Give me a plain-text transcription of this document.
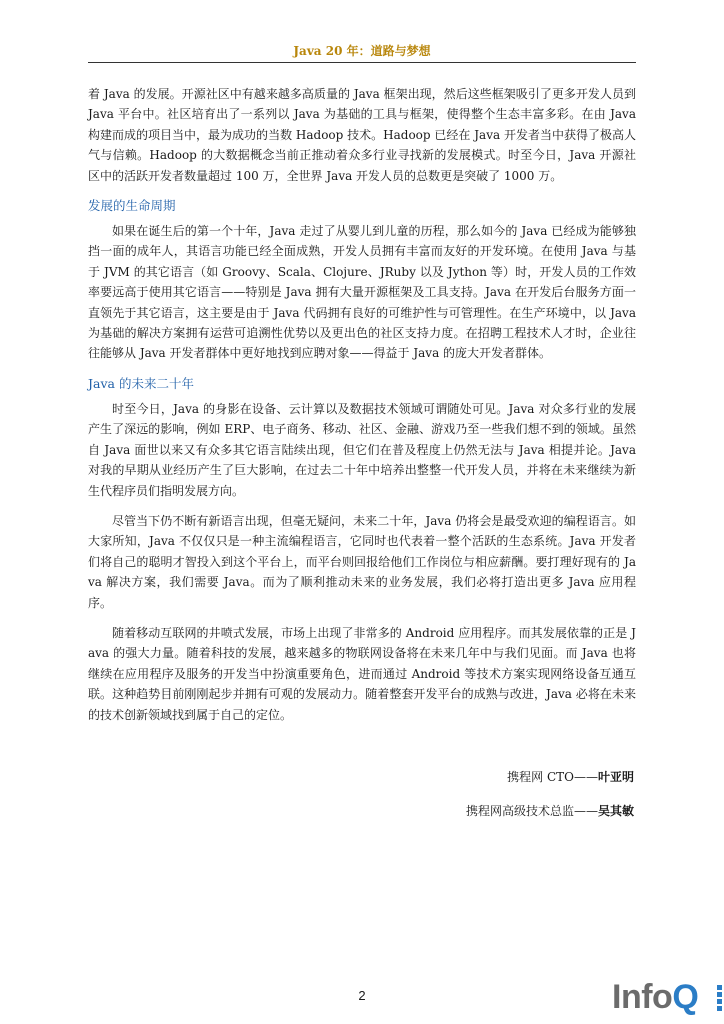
Java 20 年：道路与梦想

着 Java 的发展。开源社区中有越来越多高质量的 Java 框架出现，然后这些框架吸引了更多开发人员到 Java 平台中。社区培育出了一系列以 Java 为基础的工具与框架，使得整个生态丰富多彩。在由 Java 构建而成的项目当中，最为成功的当数 Hadoop 技术。Hadoop 已经在 Java 开发者当中获得了极高人气与信赖。Hadoop 的大数据概念当前正推动着众多行业寻找新的发展模式。时至今日，Java 开源社区中的活跃开发者数量超过 100 万，全世界 Java 开发人员的总数更是突破了 1000 万。

发展的生命周期

如果在诞生后的第一个十年，Java 走过了从婴儿到儿童的历程，那么如今的 Java 已经成为能够独挡一面的成年人，其语言功能已经全面成熟，开发人员拥有丰富而友好的开发环境。在使用 Java 与基于 JVM 的其它语言（如 Groovy、Scala、Clojure、JRuby 以及 Jython 等）时，开发人员的工作效率要远高于使用其它语言——特别是 Java 拥有大量开源框架及工具支持。Java 在开发后台服务方面一直领先于其它语言，这主要是由于 Java 代码拥有良好的可维护性与可管理性。在生产环境中，以 Java 为基础的解决方案拥有运营可追溯性优势以及更出色的社区支持力度。在招聘工程技术人才时，企业往往能够从 Java 开发者群体中更好地找到应聘对象——得益于 Java 的庞大开发者群体。

Java 的未来二十年

时至今日，Java 的身影在设备、云计算以及数据技术领域可谓随处可见。Java 对众多行业的发展产生了深远的影响，例如 ERP、电子商务、移动、社区、金融、游戏乃至一些我们想不到的领域。虽然自 Java 面世以来又有众多其它语言陆续出现，但它们在普及程度上仍然无法与 Java 相提并论。Java 对我的早期从业经历产生了巨大影响，在过去二十年中培养出整整一代开发人员，并将在未来继续为新生代程序员们指明发展方向。

尽管当下仍不断有新语言出现，但毫无疑问，未来二十年，Java 仍将会是最受欢迎的编程语言。如大家所知，Java 不仅仅只是一种主流编程语言，它同时也代表着一整个活跃的生态系统。Java 开发者们将自己的聪明才智投入到这个平台上，而平台则回报给他们工作岗位与相应薪酬。要打理好现有的 Java 解决方案，我们需要 Java。而为了顺利推动未来的业务发展，我们必将打造出更多 Java 应用程序。

随着移动互联网的井喷式发展，市场上出现了非常多的 Android 应用程序。而其发展依靠的正是 Java 的强大力量。随着科技的发展，越来越多的物联网设备将在未来几年中与我们见面。而 Java 也将继续在应用程序及服务的开发当中扮演重要角色，进而通过 Android 等技术方案实现网络设备互通互联。这种趋势目前刚刚起步并拥有可观的发展动力。随着整套开发平台的成熟与改进，Java 必将在未来的技术创新领域找到属于自己的定位。

携程网 CTO——叶亚明
携程网高级技术总监——吴其敏
2	InfoQ
